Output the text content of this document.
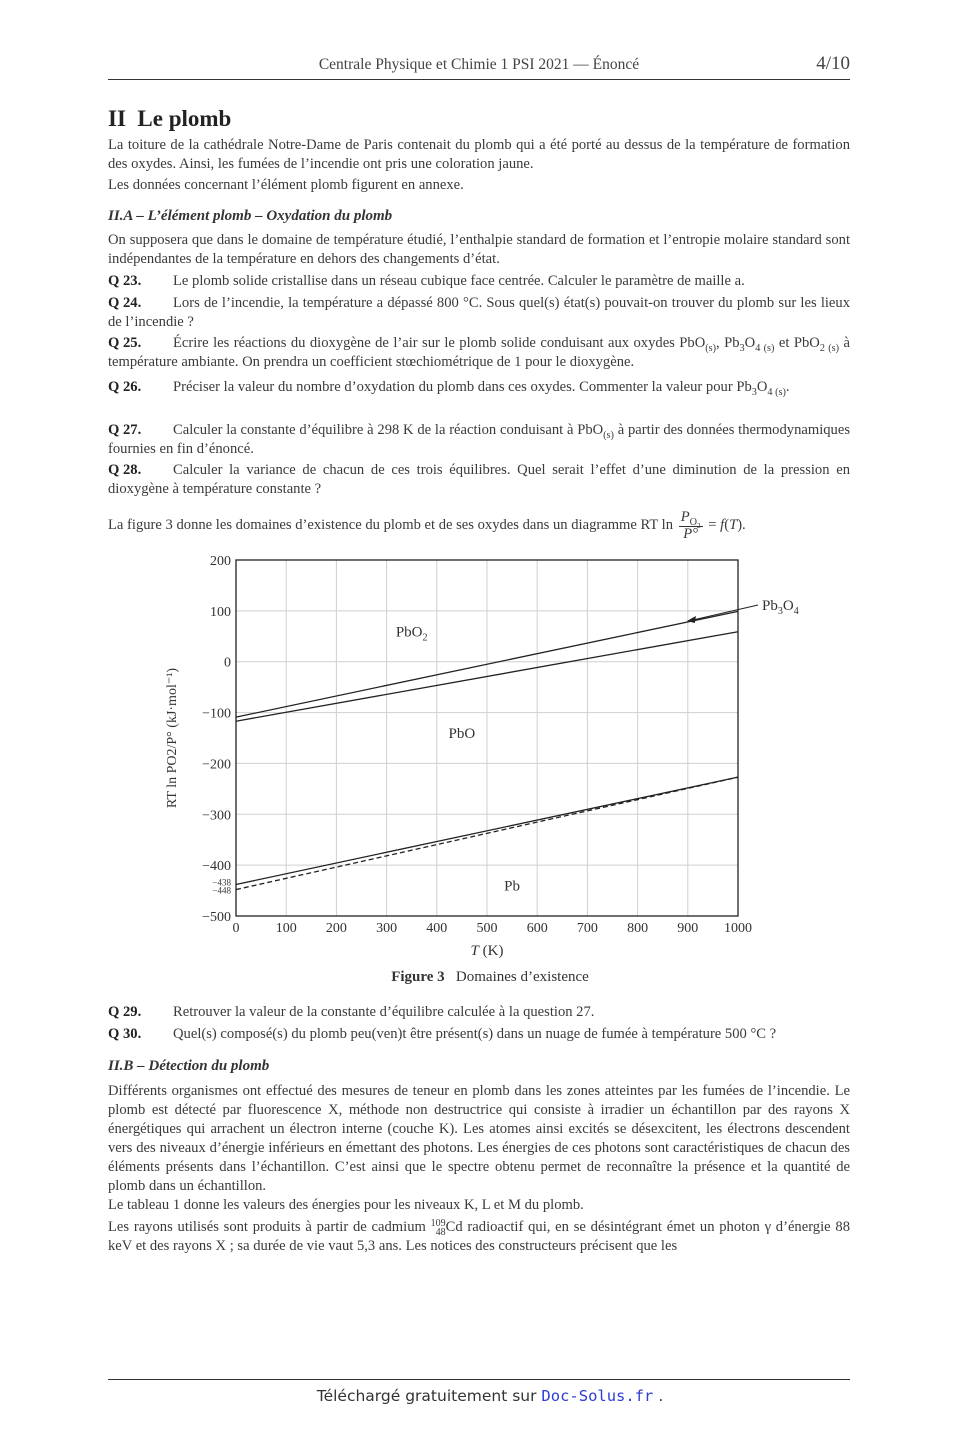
Centrale Physique et Chimie 1 PSI 2021 — Énoncé	4/10
II Le plomb
La toiture de la cathédrale Notre-Dame de Paris contenait du plomb qui a été porté au dessus de la température de formation des oxydes. Ainsi, les fumées de l’incendie ont pris une coloration jaune.
Les données concernant l’élément plomb figurent en annexe.
II.A – L’élément plomb – Oxydation du plomb
On supposera que dans le domaine de température étudié, l’enthalpie standard de formation et l’entropie molaire standard sont indépendantes de la température en dehors des changements d’état.
Q 23. Le plomb solide cristallise dans un réseau cubique face centrée. Calculer le paramètre de maille a.
Q 24. Lors de l’incendie, la température a dépassé 800 °C. Sous quel(s) état(s) pouvait-on trouver du plomb sur les lieux de l’incendie ?
Q 25. Écrire les réactions du dioxygène de l’air sur le plomb solide conduisant aux oxydes PbO$_{(s)}$, $Pb_3O_{4 (s)}$ et PbO$_{2 (s)}$ à température ambiante. On prendra un coefficient stœchiométrique de 1 pour le dioxygène.
Q 26. Préciser la valeur du nombre d’oxydation du plomb dans ces oxydes. Commenter la valeur pour $Pb_3O_{4 (s)}$.
Q 27. Calculer la constante d’équilibre à 298 K de la réaction conduisant à PbO$_{(s)}$ à partir des données thermodynamiques fournies en fin d’énoncé.
Q 28. Calculer la variance de chacun de ces trois équilibres. Quel serait l’effet d’une diminution de la pression en dioxygène à température constante ?
La figure 3 donne les domaines d’existence du plomb et de ses oxydes dans un diagramme RT $\ln \frac{P_{O_2}}{P^\circ} = f(T)$.
0	100 200 300 400 500 600 700 800 900 1000
200
100
0
−100
−200
−300
−400
−500
−438
−448
PbO$_2$
PbO
Pb
$Pb_3O_4$
T (K)
RT ln PO2/P° (kJ·mol⁻¹)
Figure 3 Domaines d’existence
Q 29. Retrouver la valeur de la constante d’équilibre calculée à la question 27.
Q 30. Quel(s) composé(s) du plomb peu(ven)t être présent(s) dans un nuage de fumée à température 500 °C ?
II.B – Détection du plomb
Différents organismes ont effectué des mesures de teneur en plomb dans les zones atteintes par les fumées de l’incendie. Le plomb est détecté par fluorescence X, méthode non destructrice qui consiste à irradier un échantillon par des rayons X énergétiques qui arrachent un électron interne (couche K). Les atomes ainsi excités se désexcitent, les électrons descendent vers des niveaux d’énergie inférieurs en émettant des photons. Les énergies de ces photons sont caractéristiques de chacun des éléments présents dans l’échantillon. C’est ainsi que le spectre obtenu permet de reconnaître la présence et la quantité de plomb dans un échantillon.
Le tableau 1 donne les valeurs des énergies pour les niveaux K, L et M du plomb.
Les rayons utilisés sont produits à partir de cadmium 109
48 Cd radioactif qui, en se désintégrant émet un photon γ d’énergie 88 keV et des rayons X ; sa durée de vie vaut 5,3 ans. Les notices des constructeurs précisent que les
Téléchargé gratuitement sur Doc-Solus.fr .
